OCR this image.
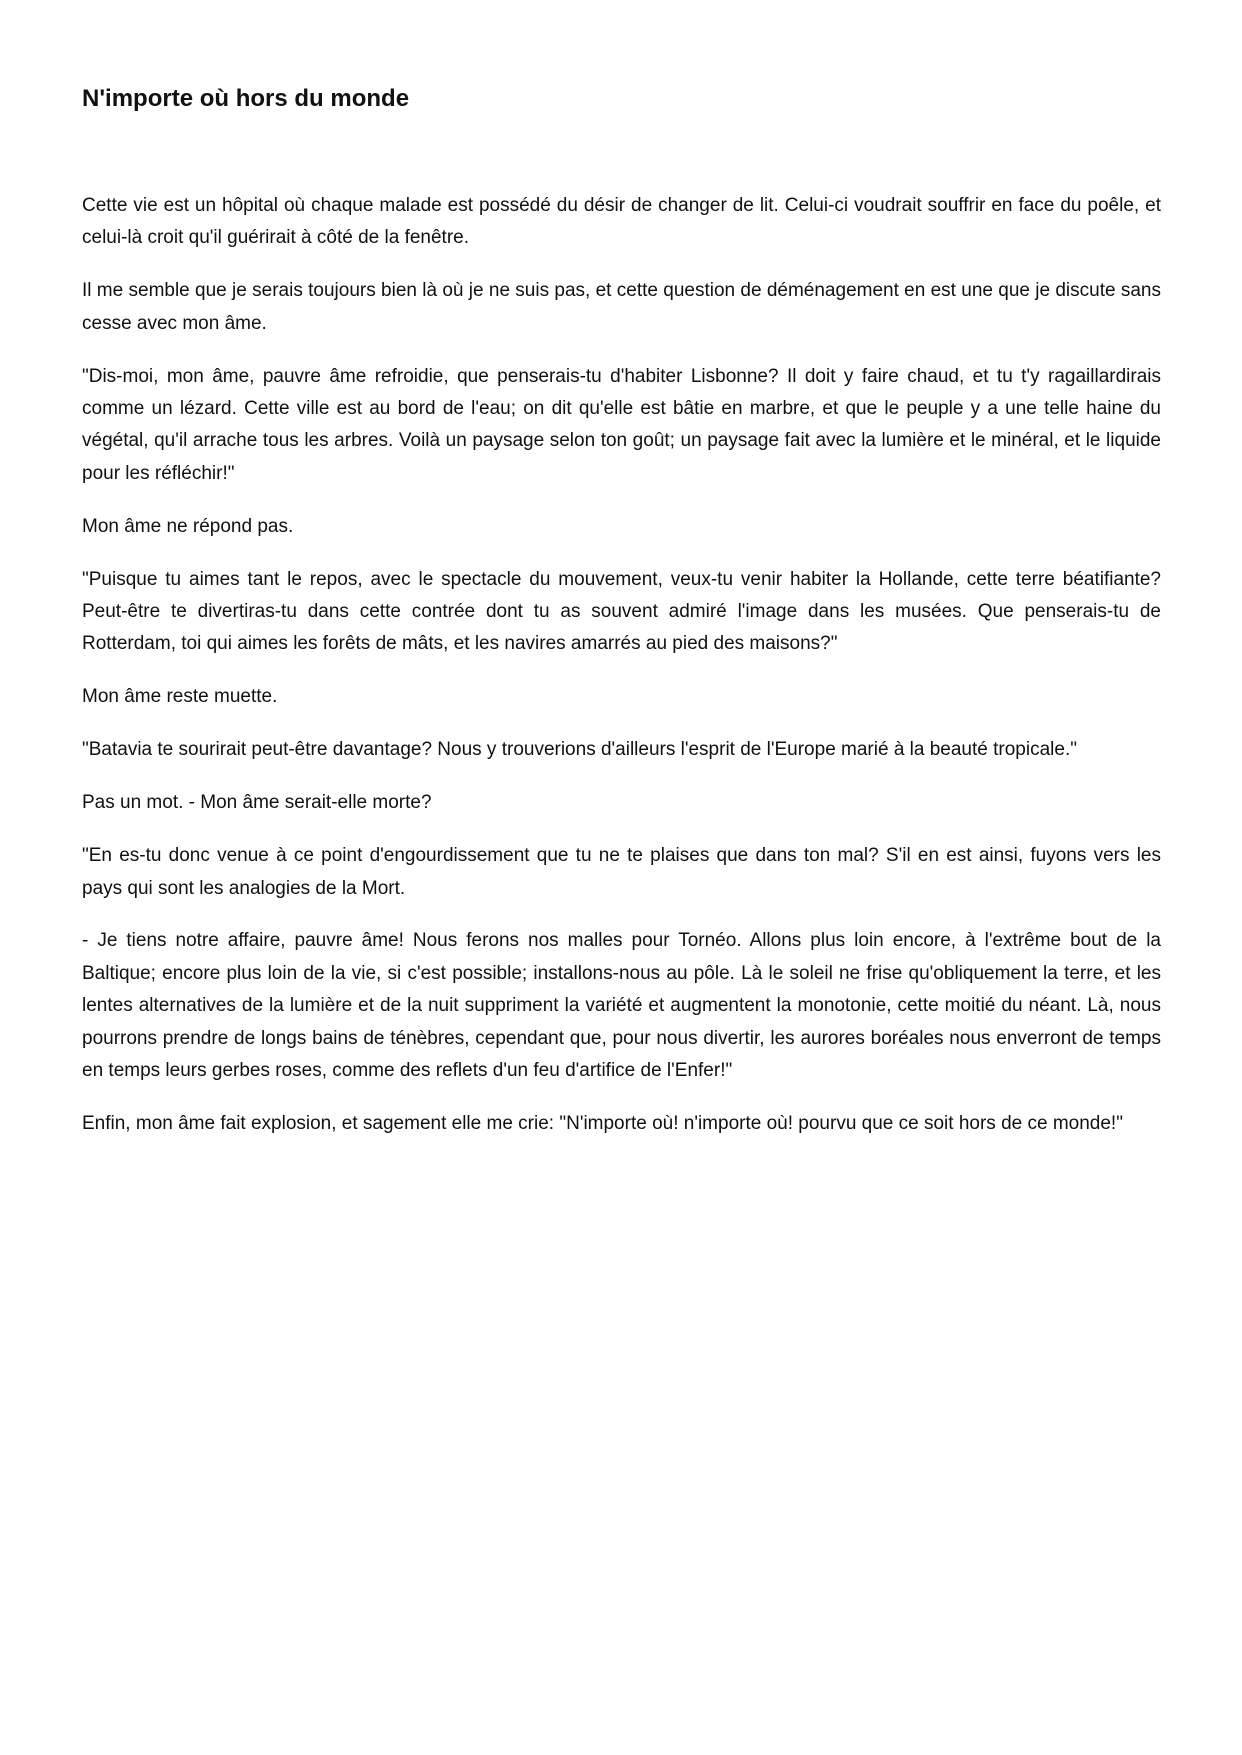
N'importe où hors du monde

Cette vie est un hôpital où chaque malade est possédé du désir de changer de lit. Celui-ci voudrait souffrir en face du poêle, et celui-là croit qu'il guérirait à côté de la fenêtre.

Il me semble que je serais toujours bien là où je ne suis pas, et cette question de déménagement en est une que je discute sans cesse avec mon âme.

"Dis-moi, mon âme, pauvre âme refroidie, que penserais-tu d'habiter Lisbonne? Il doit y faire chaud, et tu t'y ragaillardirais comme un lézard. Cette ville est au bord de l'eau; on dit qu'elle est bâtie en marbre, et que le peuple y a une telle haine du végétal, qu'il arrache tous les arbres. Voilà un paysage selon ton goût; un paysage fait avec la lumière et le minéral, et le liquide pour les réfléchir!"

Mon âme ne répond pas.

"Puisque tu aimes tant le repos, avec le spectacle du mouvement, veux-tu venir habiter la Hollande, cette terre béatifiante? Peut-être te divertiras-tu dans cette contrée dont tu as souvent admiré l'image dans les musées. Que penserais-tu de Rotterdam, toi qui aimes les forêts de mâts, et les navires amarrés au pied des maisons?"

Mon âme reste muette.

"Batavia te sourirait peut-être davantage? Nous y trouverions d'ailleurs l'esprit de l'Europe marié à la beauté tropicale."

Pas un mot. - Mon âme serait-elle morte?

"En es-tu donc venue à ce point d'engourdissement que tu ne te plaises que dans ton mal? S'il en est ainsi, fuyons vers les pays qui sont les analogies de la Mort.

- Je tiens notre affaire, pauvre âme! Nous ferons nos malles pour Tornéo. Allons plus loin encore, à l'extrême bout de la Baltique; encore plus loin de la vie, si c'est possible; installons-nous au pôle. Là le soleil ne frise qu'obliquement la terre, et les lentes alternatives de la lumière et de la nuit suppriment la variété et augmentent la monotonie, cette moitié du néant. Là, nous pourrons prendre de longs bains de ténèbres, cependant que, pour nous divertir, les aurores boréales nous enverront de temps en temps leurs gerbes roses, comme des reflets d'un feu d'artifice de l'Enfer!"

Enfin, mon âme fait explosion, et sagement elle me crie: "N'importe où! n'importe où! pourvu que ce soit hors de ce monde!"
